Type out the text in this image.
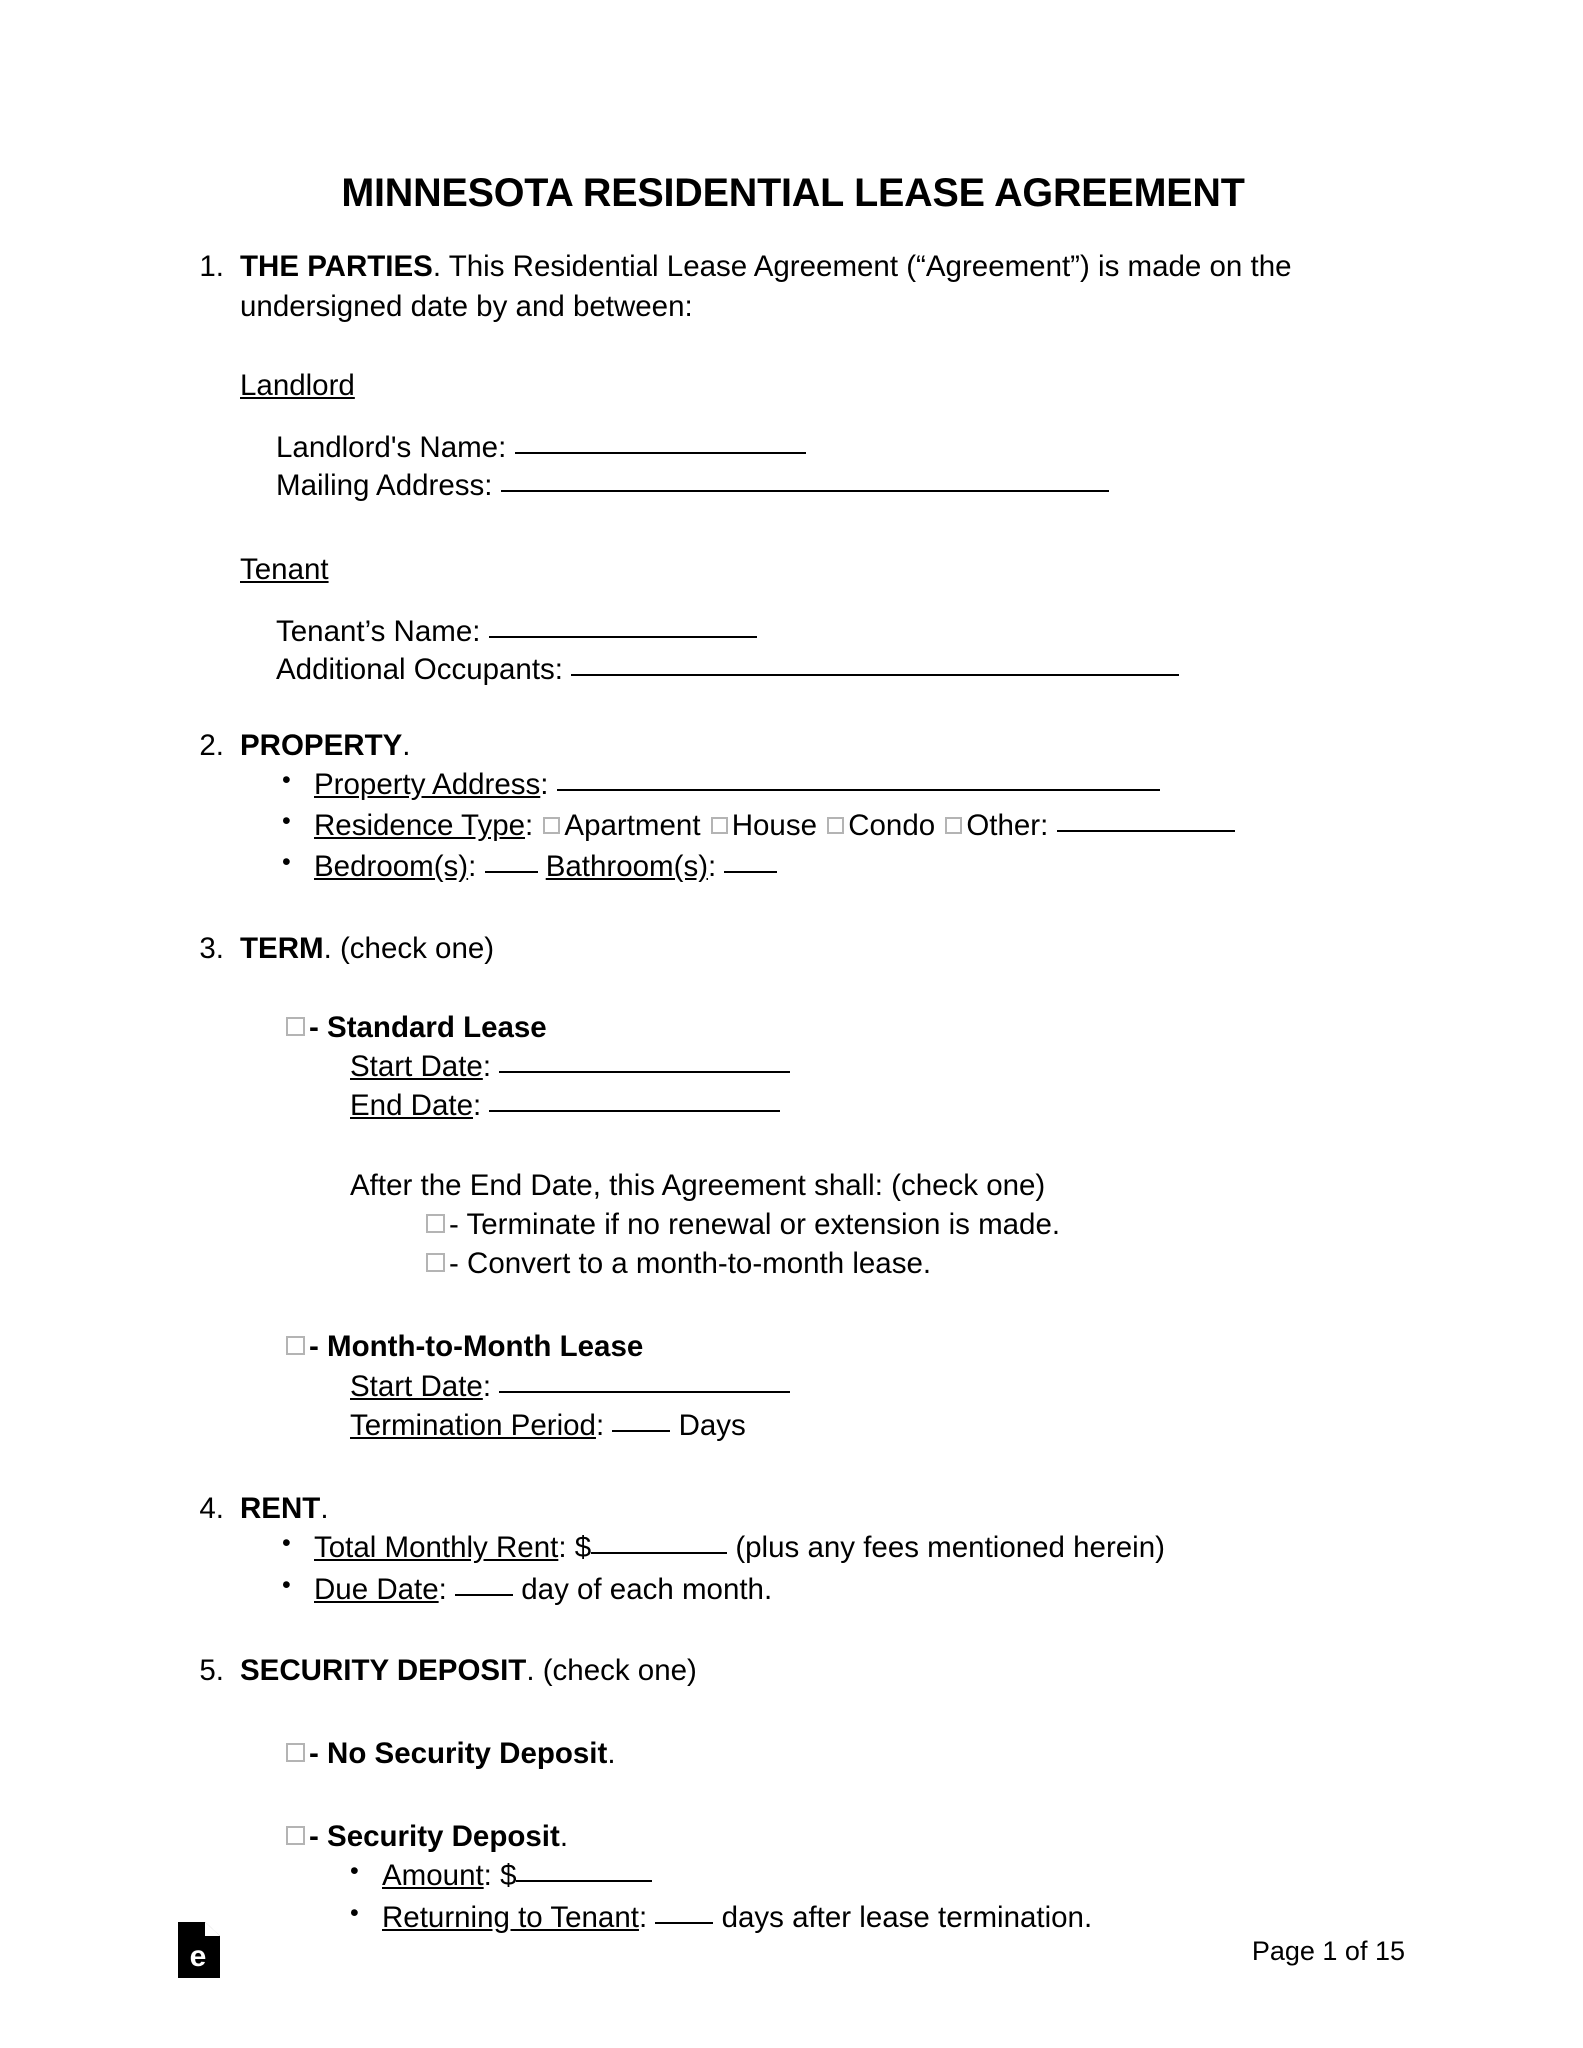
MINNESOTA RESIDENTIAL LEASE AGREEMENT
1. THE PARTIES. This Residential Lease Agreement (“Agreement”) is made on the undersigned date by and between:
Landlord
Landlord's Name:
Mailing Address:
Tenant
Tenant’s Name:
Additional Occupants:
2. PROPERTY.
• Property Address:
• Residence Type: Apartment House Condo Other:
• Bedroom(s): Bathroom(s):
3. TERM. (check one)
- Standard Lease
Start Date:
End Date:
After the End Date, this Agreement shall: (check one)
- Terminate if no renewal or extension is made.
- Convert to a month-to-month lease.
- Month-to-Month Lease
Start Date:
Termination Period:	Days
4. RENT.
• Total Monthly Rent: $	(plus any fees mentioned herein)
• Due Date:	day of each month.
5. SECURITY DEPOSIT. (check one)
- No Security Deposit.
- Security Deposit.
• Amount: $
• Returning to Tenant:	days after lease termination.
e	Page 1 of 15
